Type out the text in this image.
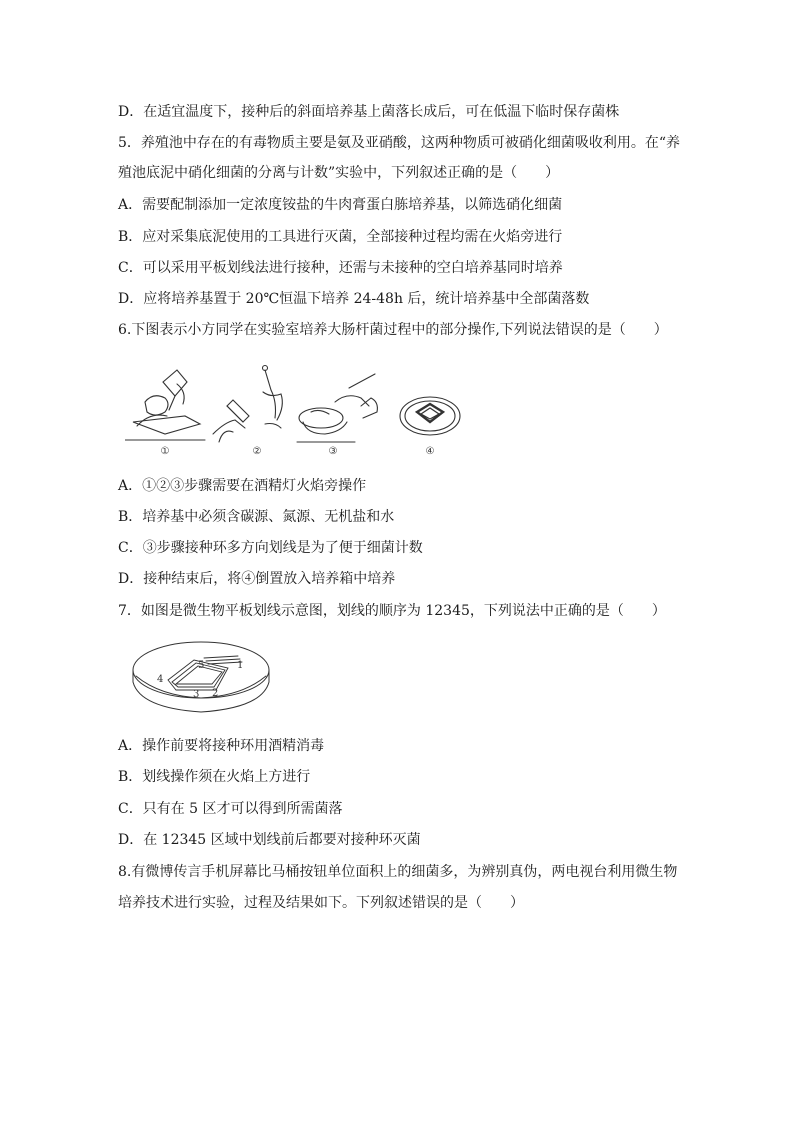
D．在适宜温度下，接种后的斜面培养基上菌落长成后，可在低温下临时保存菌株
5．养殖池中存在的有毒物质主要是氨及亚硝酸，这两种物质可被硝化细菌吸收利用。在“养
殖池底泥中硝化细菌的分离与计数”实验中，下列叙述正确的是（　　）
A．需要配制添加一定浓度铵盐的牛肉膏蛋白胨培养基，以筛选硝化细菌
B．应对采集底泥使用的工具进行灭菌，全部接种过程均需在火焰旁进行
C．可以采用平板划线法进行接种，还需与未接种的空白培养基同时培养
D．应将培养基置于 20℃恒温下培养 24-48h 后，统计培养基中全部菌落数
6.下图表示小方同学在实验室培养大肠杆菌过程中的部分操作,下列说法错误的是（　　）
①	②	③	④
A．①②③步骤需要在酒精灯火焰旁操作
B．培养基中必须含碳源、氮源、无机盐和水
C．③步骤接种环多方向划线是为了便于细菌计数
D．接种结束后，将④倒置放入培养箱中培养
7．如图是微生物平板划线示意图，划线的顺序为 12345，下列说法中正确的是（　　）
1
2
3
4
5
A．操作前要将接种环用酒精消毒
B．划线操作须在火焰上方进行
C．只有在 5 区才可以得到所需菌落
D．在 12345 区域中划线前后都要对接种环灭菌
8.有微博传言手机屏幕比马桶按钮单位面积上的细菌多，为辨别真伪，两电视台利用微生物
培养技术进行实验，过程及结果如下。下列叙述错误的是（　　）
